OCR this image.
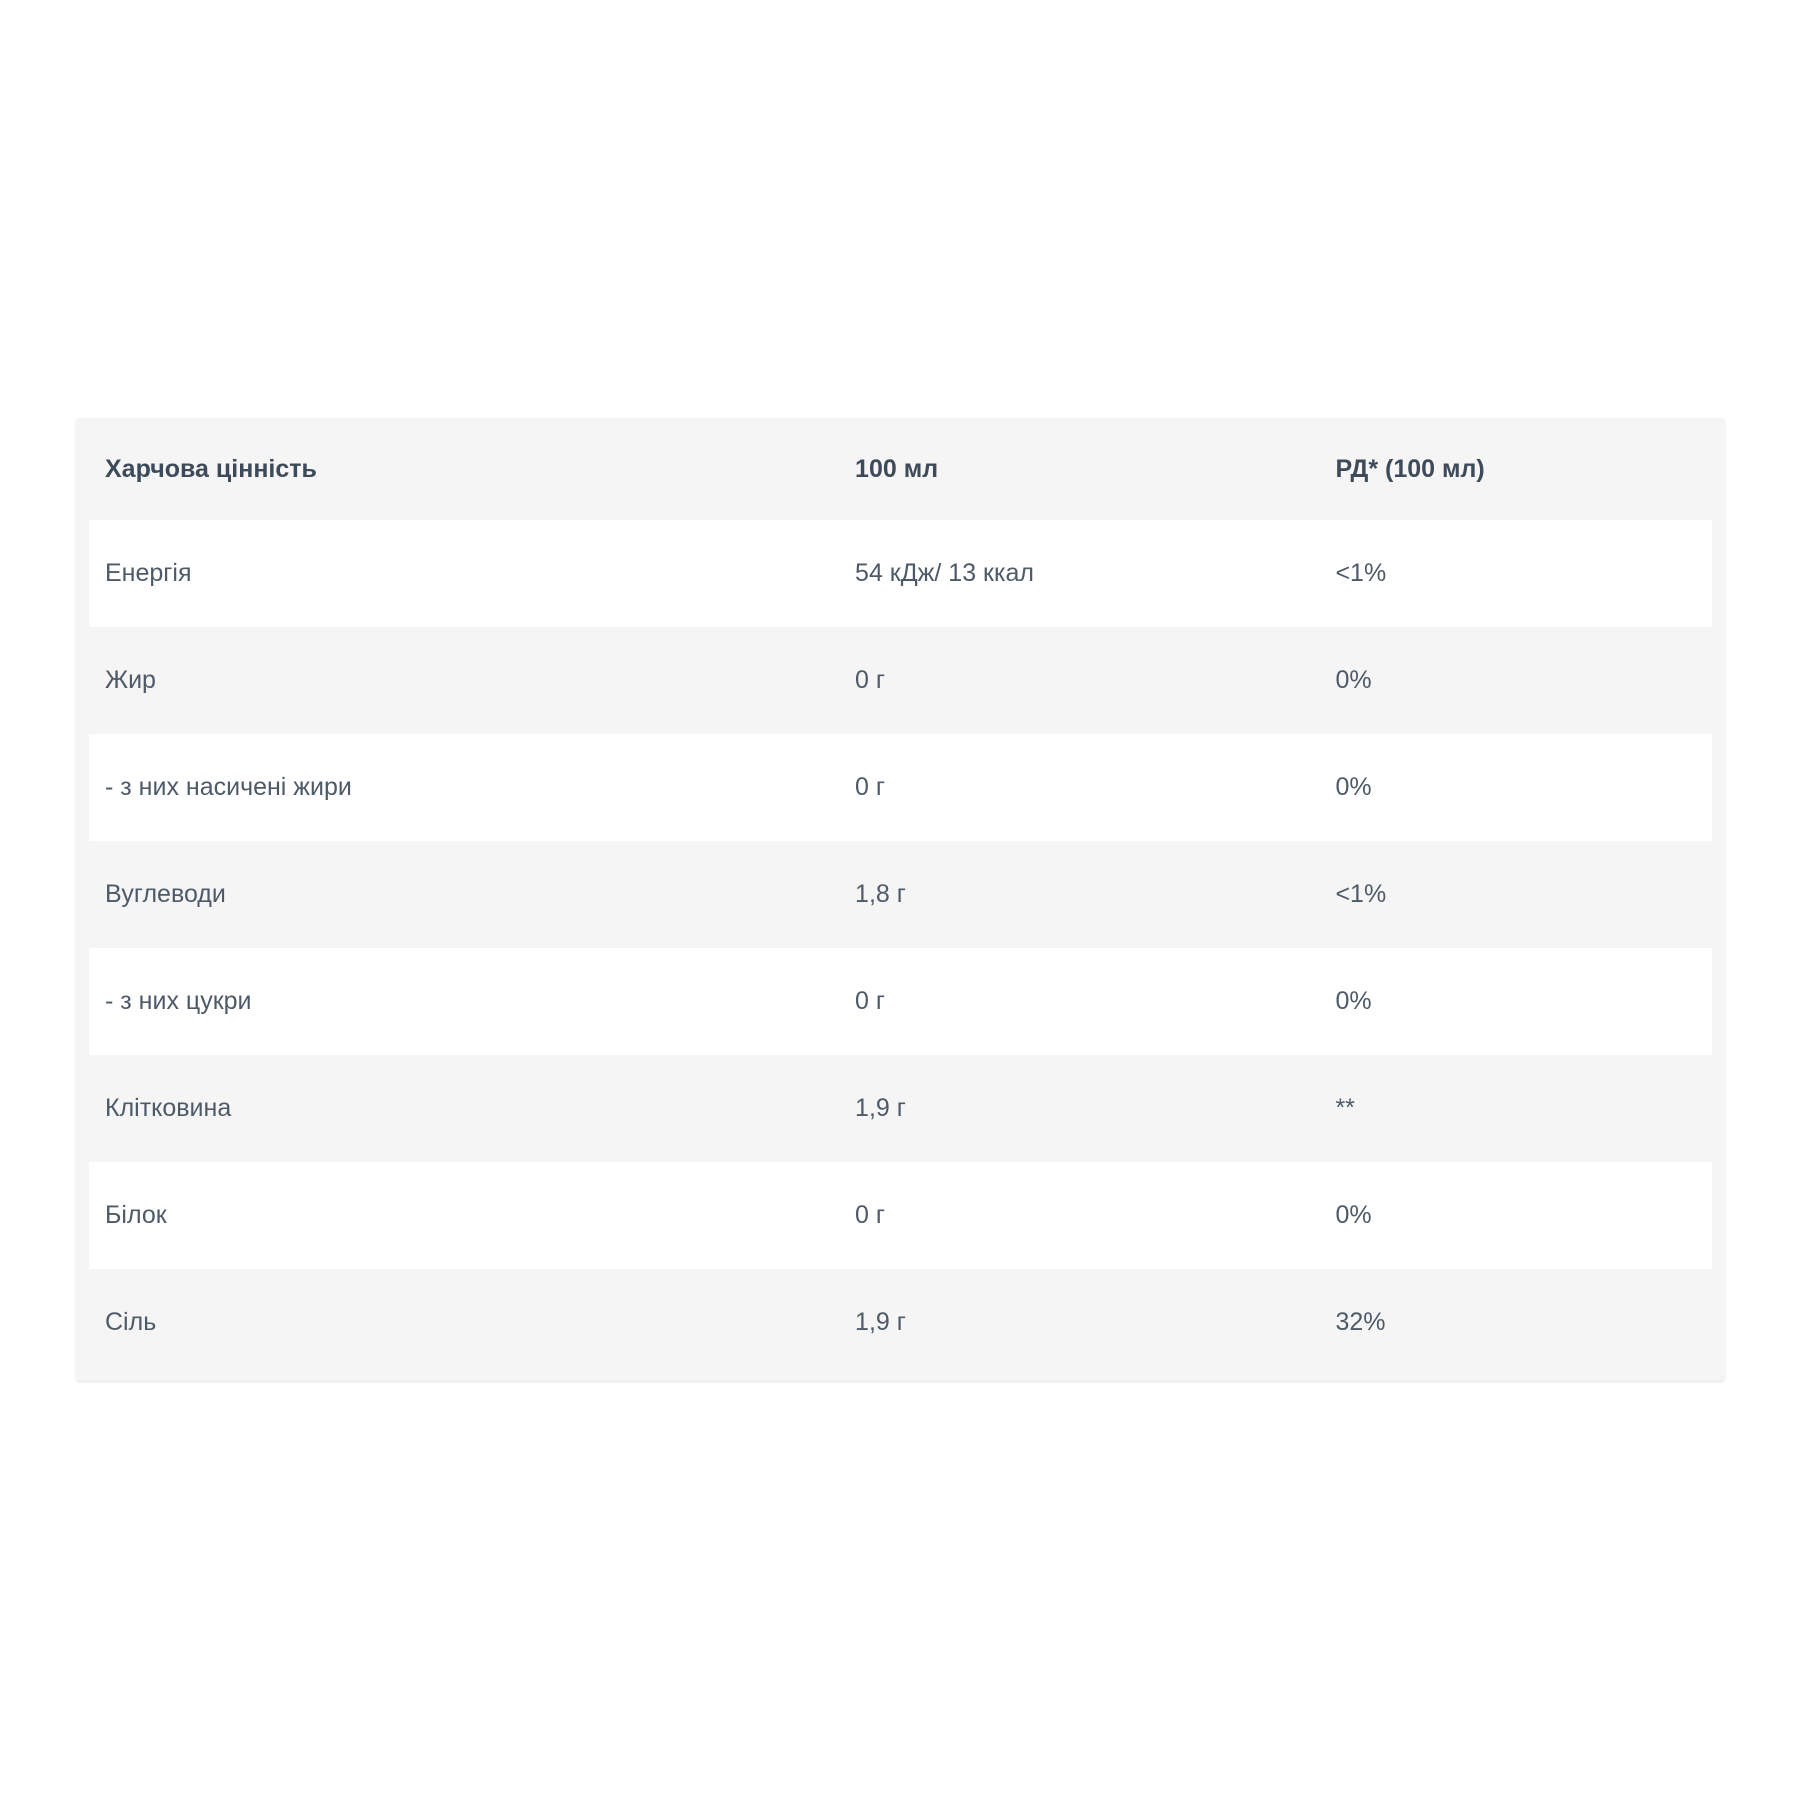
Харчова цінність	100 мл	РД* (100 мл)
Енергія	54 кДж/ 13 ккал	<1%
Жир	0 г	0%
- з них насичені жири	0 г	0%
Вуглеводи	1,8 г	<1%
- з них цукри	0 г	0%
Клітковина	1,9 г	**
Білок	0 г	0%
Сіль	1,9 г	32%
